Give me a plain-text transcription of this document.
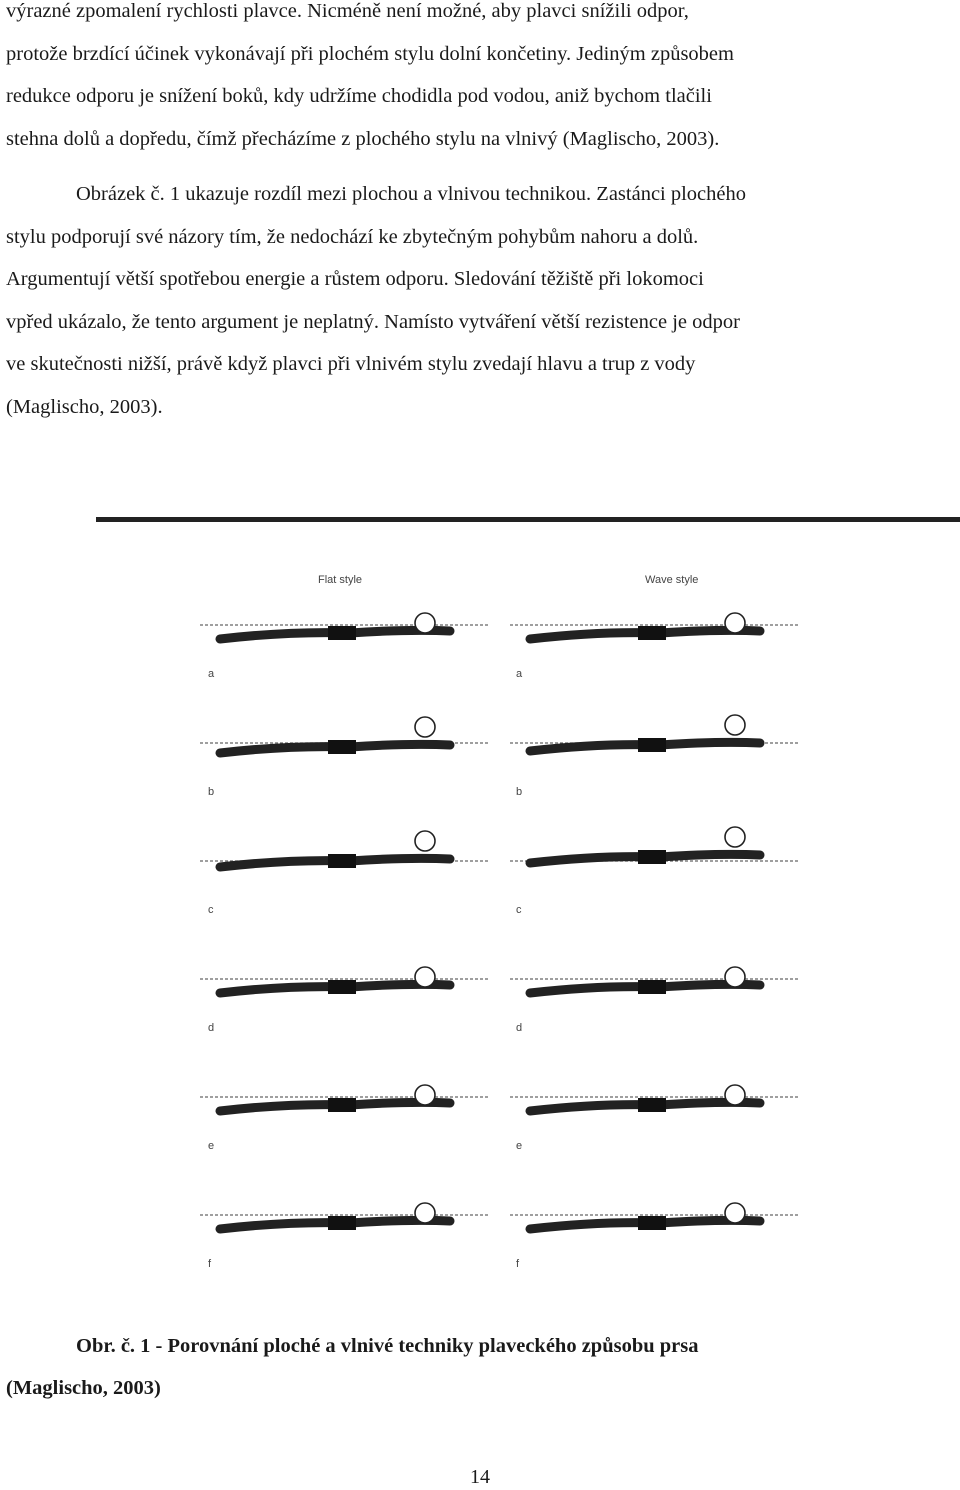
výrazné zpomalení rychlosti plavce. Nicméně není možné, aby plavci snížili odpor,
protože brzdící účinek vykonávají při plochém stylu dolní končetiny. Jediným způsobem
redukce odporu je snížení boků, kdy udržíme chodidla pod vodou, aniž bychom tlačili
stehna dolů a dopředu, čímž přecházíme z plochého stylu na vlnivý (Maglischo, 2003).
Obrázek č. 1 ukazuje rozdíl mezi plochou a vlnivou technikou. Zastánci plochého
stylu podporují své názory tím, že nedochází ke zbytečným pohybům nahoru a dolů.
Argumentují větší spotřebou energie a růstem odporu. Sledování těžiště při lokomoci
vpřed ukázalo, že tento argument je neplatný. Namísto vytváření větší rezistence je odpor
ve skutečnosti nižší, právě když plavci při vlnivém stylu zvedají hlavu a trup z vody
(Maglischo, 2003).
Flat style	Wave style
a	a
b	b
c	c
d	d
e	e
f	f
Obr. č. 1 - Porovnání ploché a vlnivé techniky plaveckého způsobu prsa
(Maglischo, 2003)
14
